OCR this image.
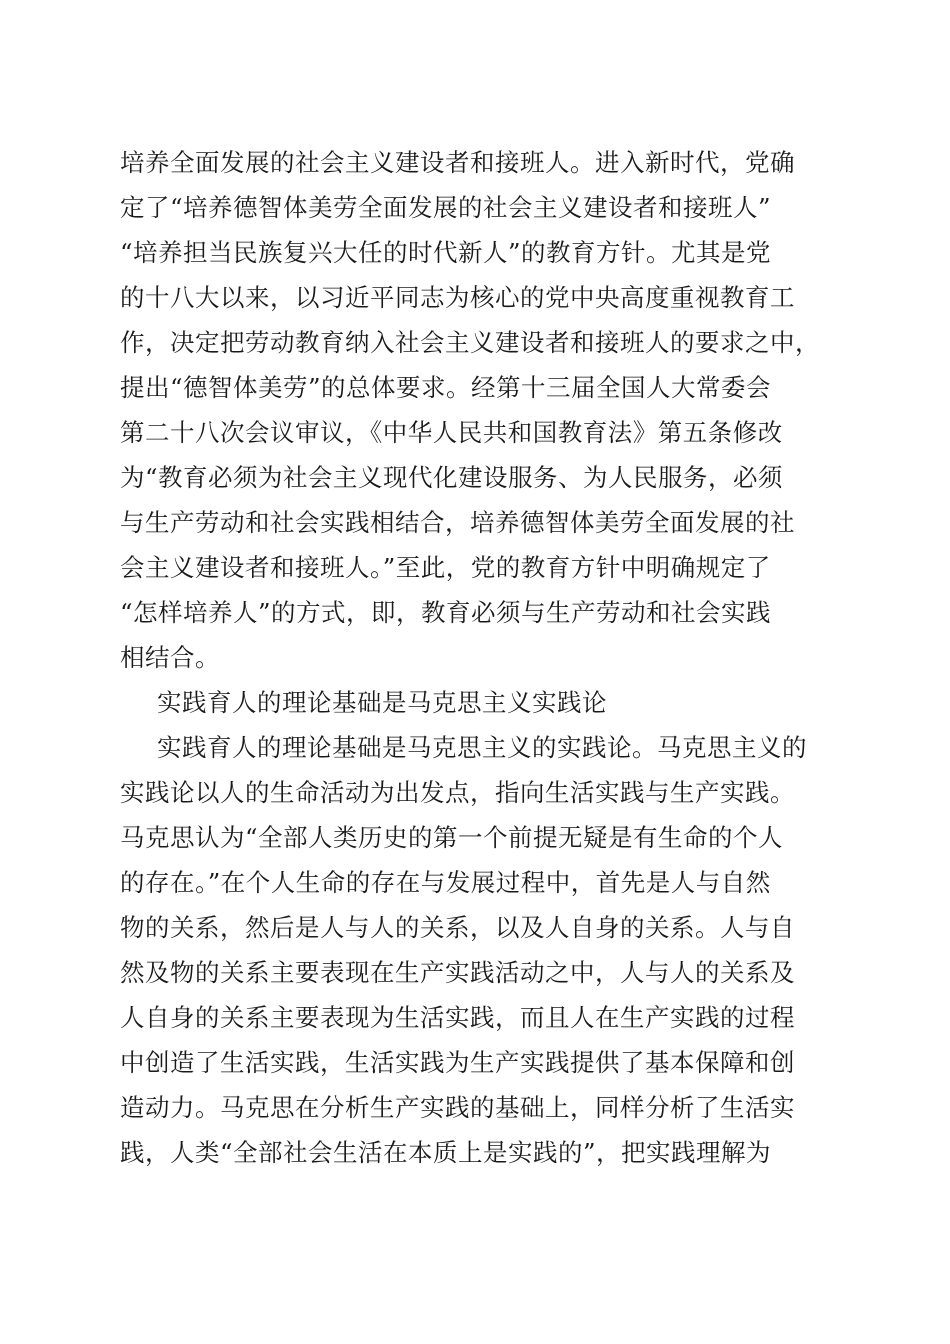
培养全面发展的社会主义建设者和接班人。进入新时代，党确
定了“培养德智体美劳全面发展的社会主义建设者和接班人”
“培养担当民族复兴大任的时代新人”的教育方针。尤其是党
的十八大以来，以习近平同志为核心的党中央高度重视教育工
作，决定把劳动教育纳入社会主义建设者和接班人的要求之中，
提出“德智体美劳”的总体要求。经第十三届全国人大常委会
第二十八次会议审议，《中华人民共和国教育法》第五条修改
为“教育必须为社会主义现代化建设服务、为人民服务，必须
与生产劳动和社会实践相结合，培养德智体美劳全面发展的社
会主义建设者和接班人。”至此，党的教育方针中明确规定了
“怎样培养人”的方式，即，教育必须与生产劳动和社会实践
相结合。
实践育人的理论基础是马克思主义实践论
实践育人的理论基础是马克思主义的实践论。马克思主义的
实践论以人的生命活动为出发点，指向生活实践与生产实践。
马克思认为“全部人类历史的第一个前提无疑是有生命的个人
的存在。”在个人生命的存在与发展过程中，首先是人与自然
物的关系，然后是人与人的关系，以及人自身的关系。人与自
然及物的关系主要表现在生产实践活动之中，人与人的关系及
人自身的关系主要表现为生活实践，而且人在生产实践的过程
中创造了生活实践，生活实践为生产实践提供了基本保障和创
造动力。马克思在分析生产实践的基础上，同样分析了生活实
践，人类“全部社会生活在本质上是实践的”，把实践理解为
